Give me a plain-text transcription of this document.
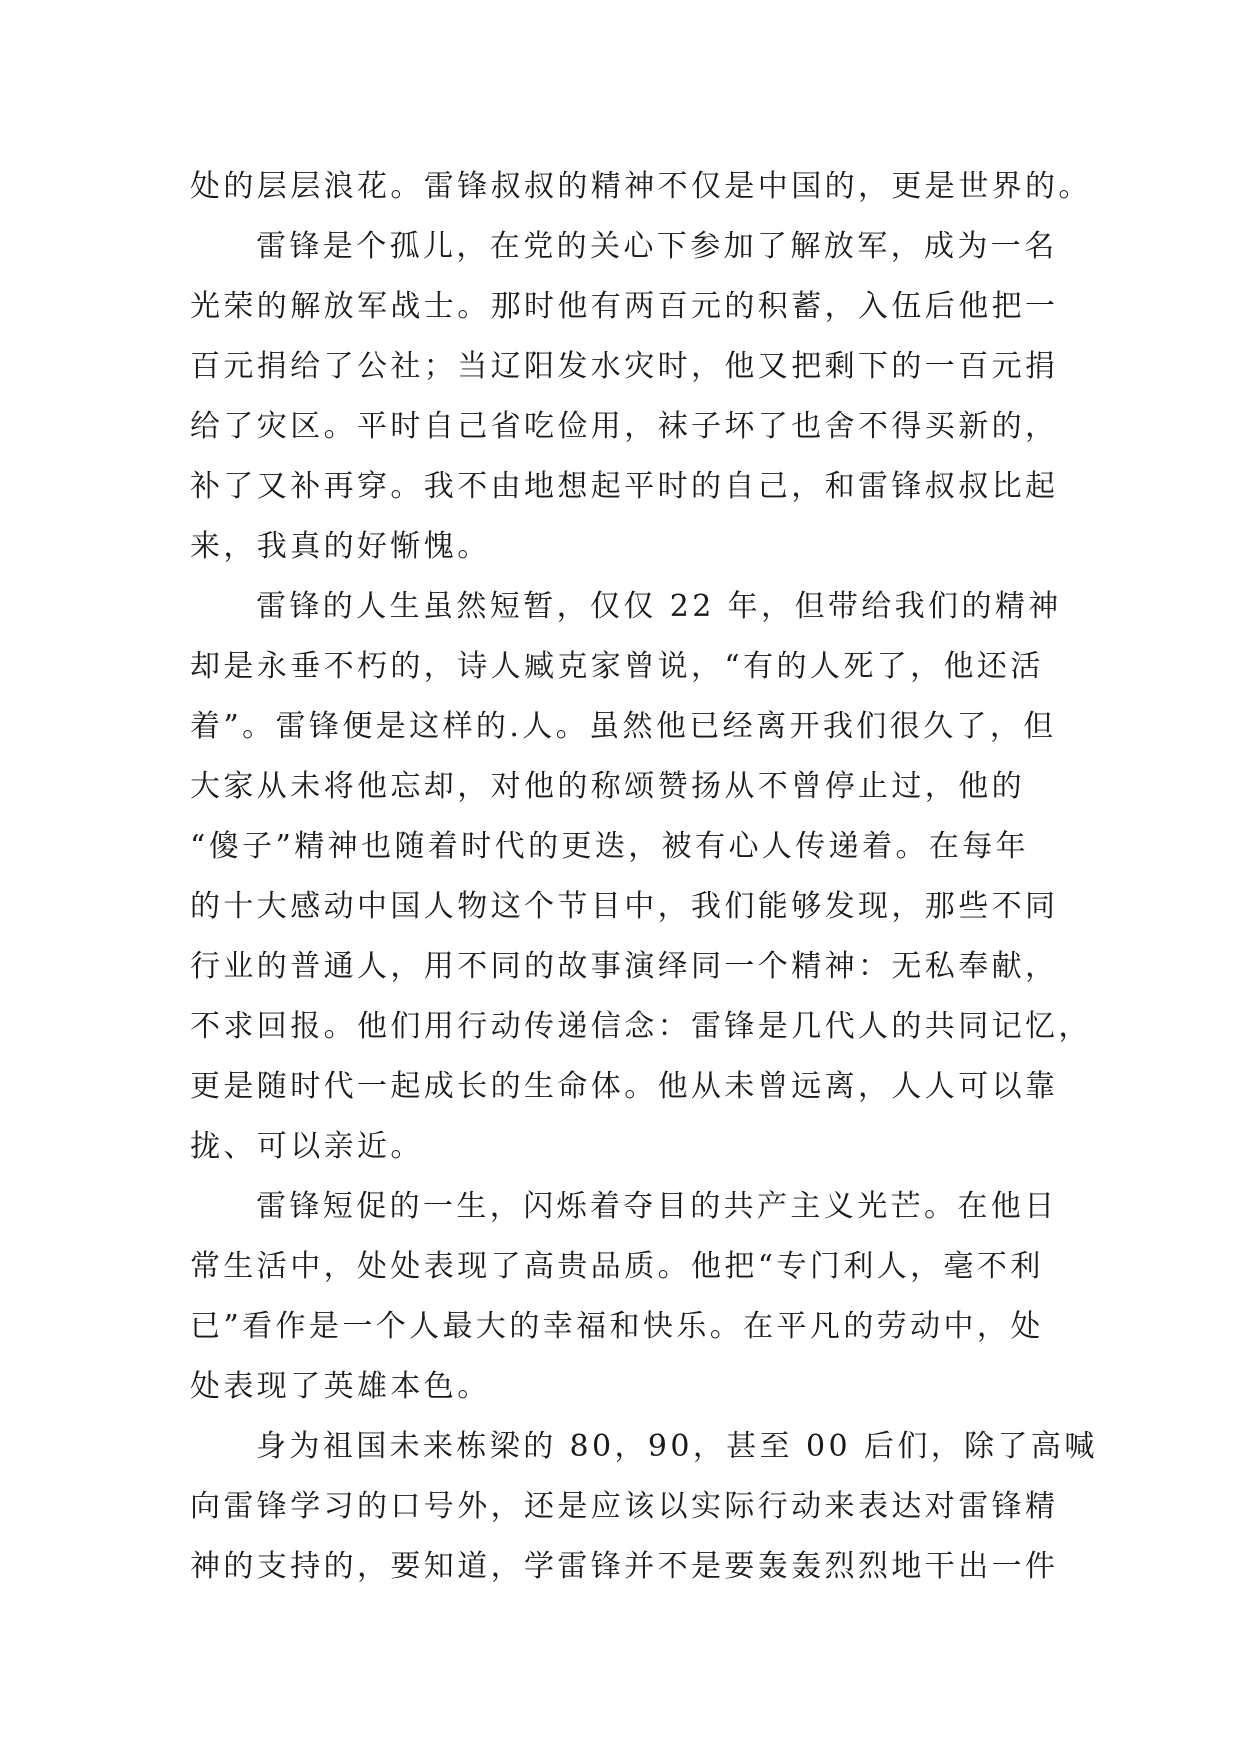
处的层层浪花。雷锋叔叔的精神不仅是中国的，更是世界的。
雷锋是个孤儿，在党的关心下参加了解放军，成为一名
光荣的解放军战士。那时他有两百元的积蓄，入伍后他把一
百元捐给了公社；当辽阳发水灾时，他又把剩下的一百元捐
给了灾区。平时自己省吃俭用，袜子坏了也舍不得买新的，
补了又补再穿。我不由地想起平时的自己，和雷锋叔叔比起
来，我真的好惭愧。
雷锋的人生虽然短暂，仅仅 22 年，但带给我们的精神
却是永垂不朽的，诗人臧克家曾说，“有的人死了，他还活
着”。雷锋便是这样的.人。虽然他已经离开我们很久了，但
大家从未将他忘却，对他的称颂赞扬从不曾停止过，他的
“傻子”精神也随着时代的更迭，被有心人传递着。在每年
的十大感动中国人物这个节目中，我们能够发现，那些不同
行业的普通人，用不同的故事演绎同一个精神：无私奉献，
不求回报。他们用行动传递信念：雷锋是几代人的共同记忆，
更是随时代一起成长的生命体。他从未曾远离，人人可以靠
拢、可以亲近。
雷锋短促的一生，闪烁着夺目的共产主义光芒。在他日
常生活中，处处表现了高贵品质。他把“专门利人，毫不利
已”看作是一个人最大的幸福和快乐。在平凡的劳动中，处
处表现了英雄本色。
身为祖国未来栋梁的 80，90，甚至 00 后们，除了高喊
向雷锋学习的口号外，还是应该以实际行动来表达对雷锋精
神的支持的，要知道，学雷锋并不是要轰轰烈烈地干出一件
